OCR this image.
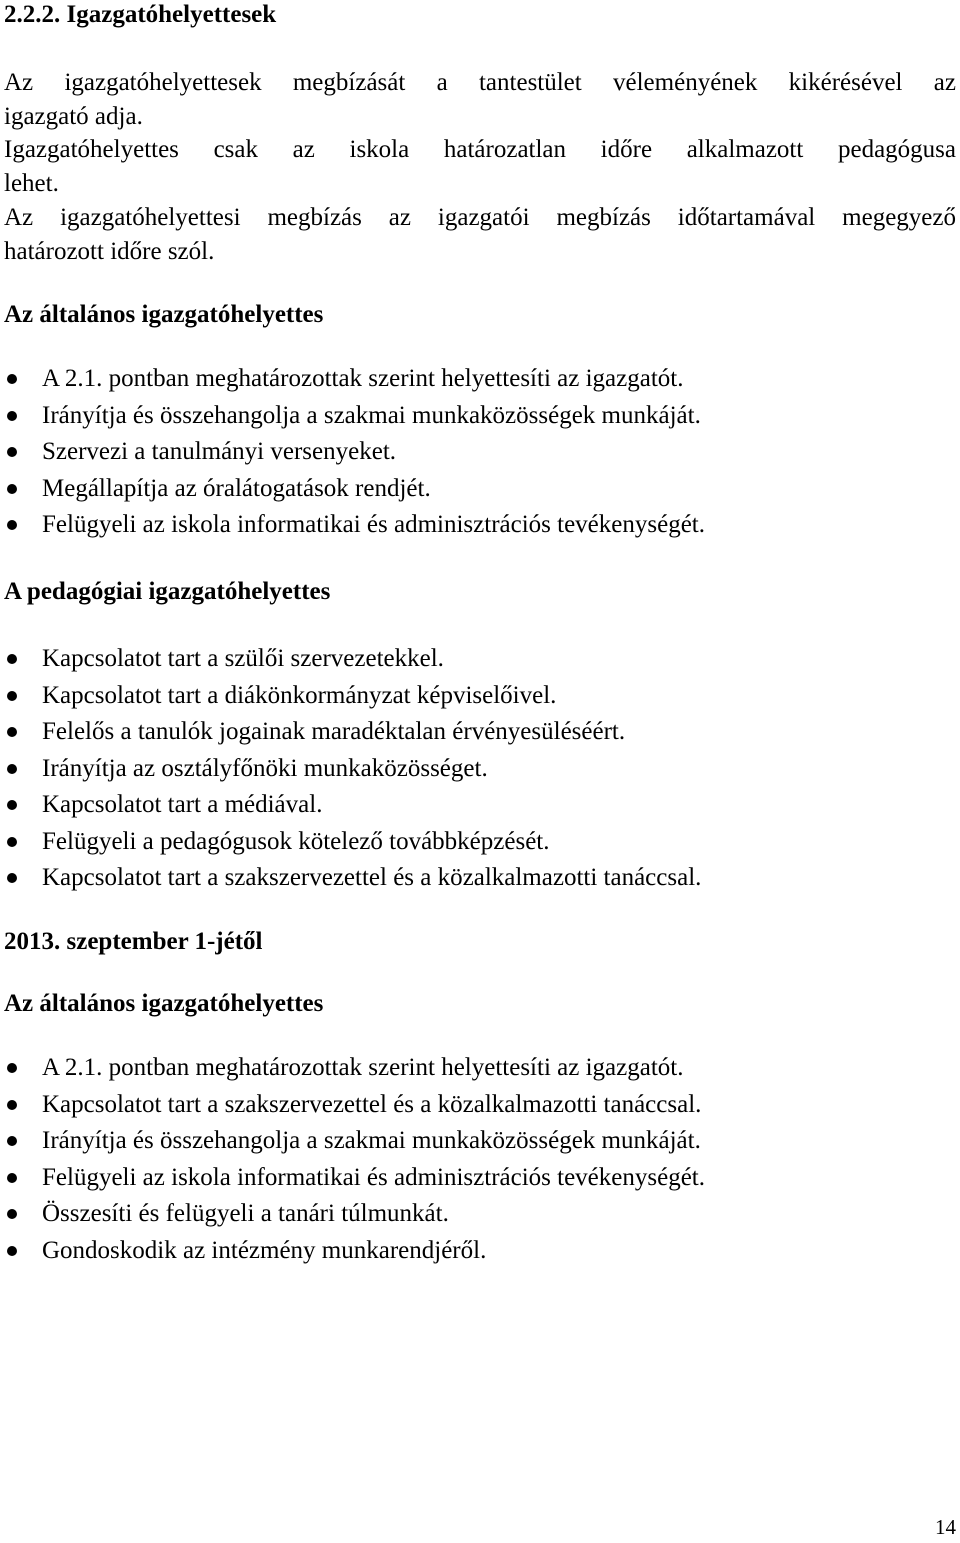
2.2.2. Igazgatóhelyettesek
Az igazgatóhelyettesek megbízását a tantestület véleményének kikérésével az
igazgató adja.
Igazgatóhelyettes csak az iskola határozatlan időre alkalmazott pedagógusa
lehet.
Az igazgatóhelyettesi megbízás az igazgatói megbízás időtartamával megegyező
határozott időre szól.
Az általános igazgatóhelyettes
A 2.1. pontban meghatározottak szerint helyettesíti az igazgatót.
Irányítja és összehangolja a szakmai munkaközösségek munkáját.
Szervezi a tanulmányi versenyeket.
Megállapítja az óralátogatások rendjét.
Felügyeli az iskola informatikai és adminisztrációs tevékenységét.
A pedagógiai igazgatóhelyettes
Kapcsolatot tart a szülői szervezetekkel.
Kapcsolatot tart a diákönkormányzat képviselőivel.
Felelős a tanulók jogainak maradéktalan érvényesüléséért.
Irányítja az osztályfőnöki munkaközösséget.
Kapcsolatot tart a médiával.
Felügyeli a pedagógusok kötelező továbbképzését.
Kapcsolatot tart a szakszervezettel és a közalkalmazotti tanáccsal.
2013. szeptember 1-jétől
Az általános igazgatóhelyettes
A 2.1. pontban meghatározottak szerint helyettesíti az igazgatót.
Kapcsolatot tart a szakszervezettel és a közalkalmazotti tanáccsal.
Irányítja és összehangolja a szakmai munkaközösségek munkáját.
Felügyeli az iskola informatikai és adminisztrációs tevékenységét.
Összesíti és felügyeli a tanári túlmunkát.
Gondoskodik az intézmény munkarendjéről.
14
